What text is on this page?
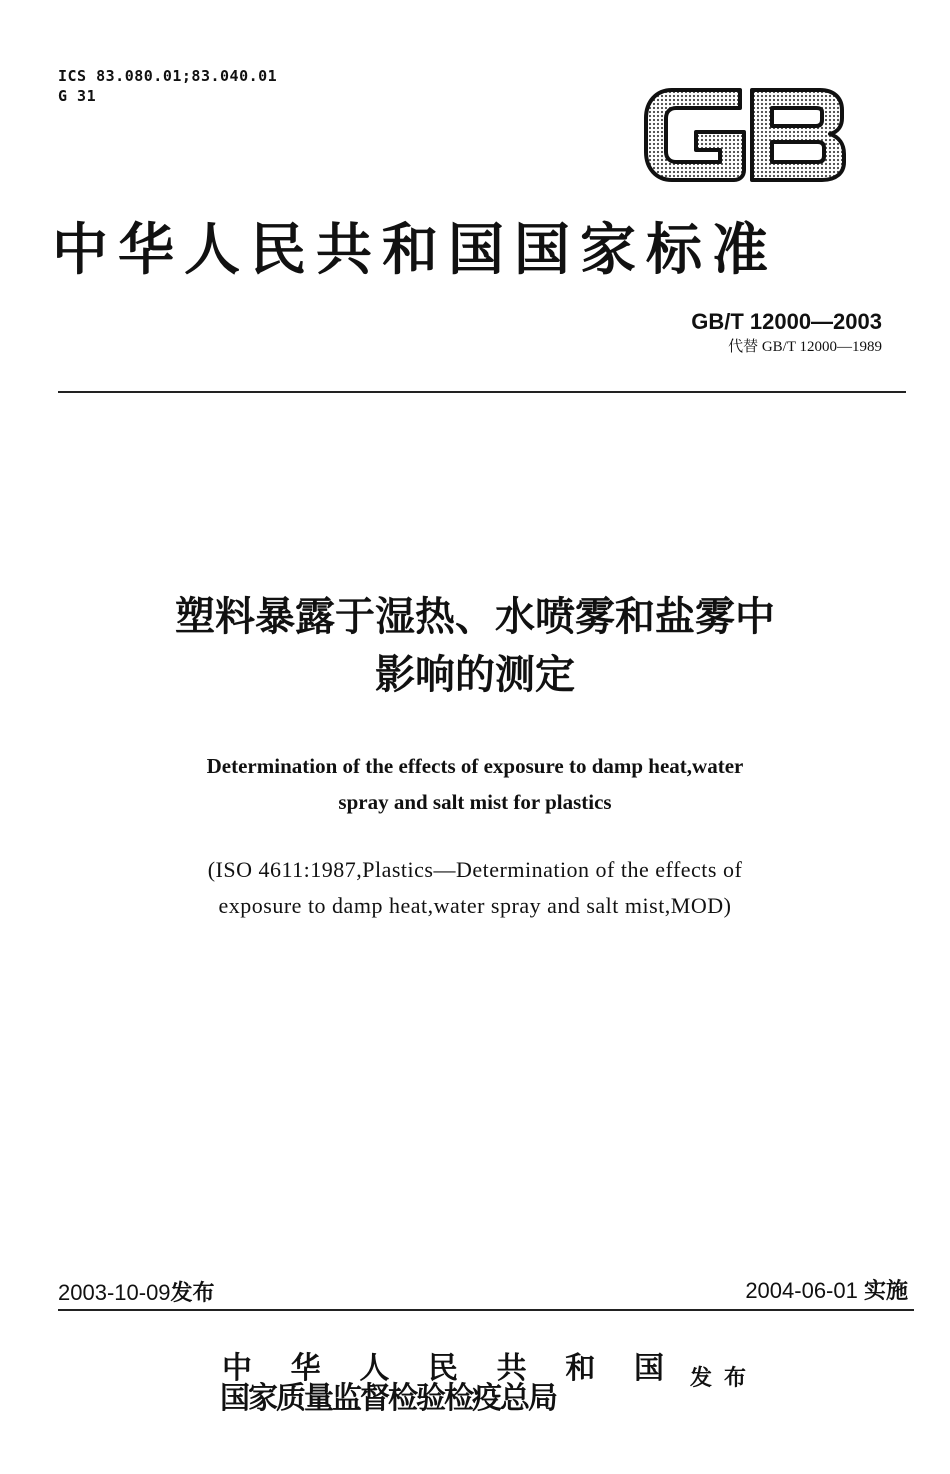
ICS 83.080.01;83.040.01
G 31
中华人民共和国国家标准
GB/T 12000—2003
代替 GB/T 12000—1989
塑料暴露于湿热、水喷雾和盐雾中
影响的测定
Determination of the effects of exposure to damp heat,water
spray and salt mist for plastics
(ISO 4611:1987,Plastics—Determination of the effects of
exposure to damp heat,water spray and salt mist,MOD)
2003-10-09发布	2004-06-01 实施
中华人民共和国
国家质量监督检验检疫总局
发布
